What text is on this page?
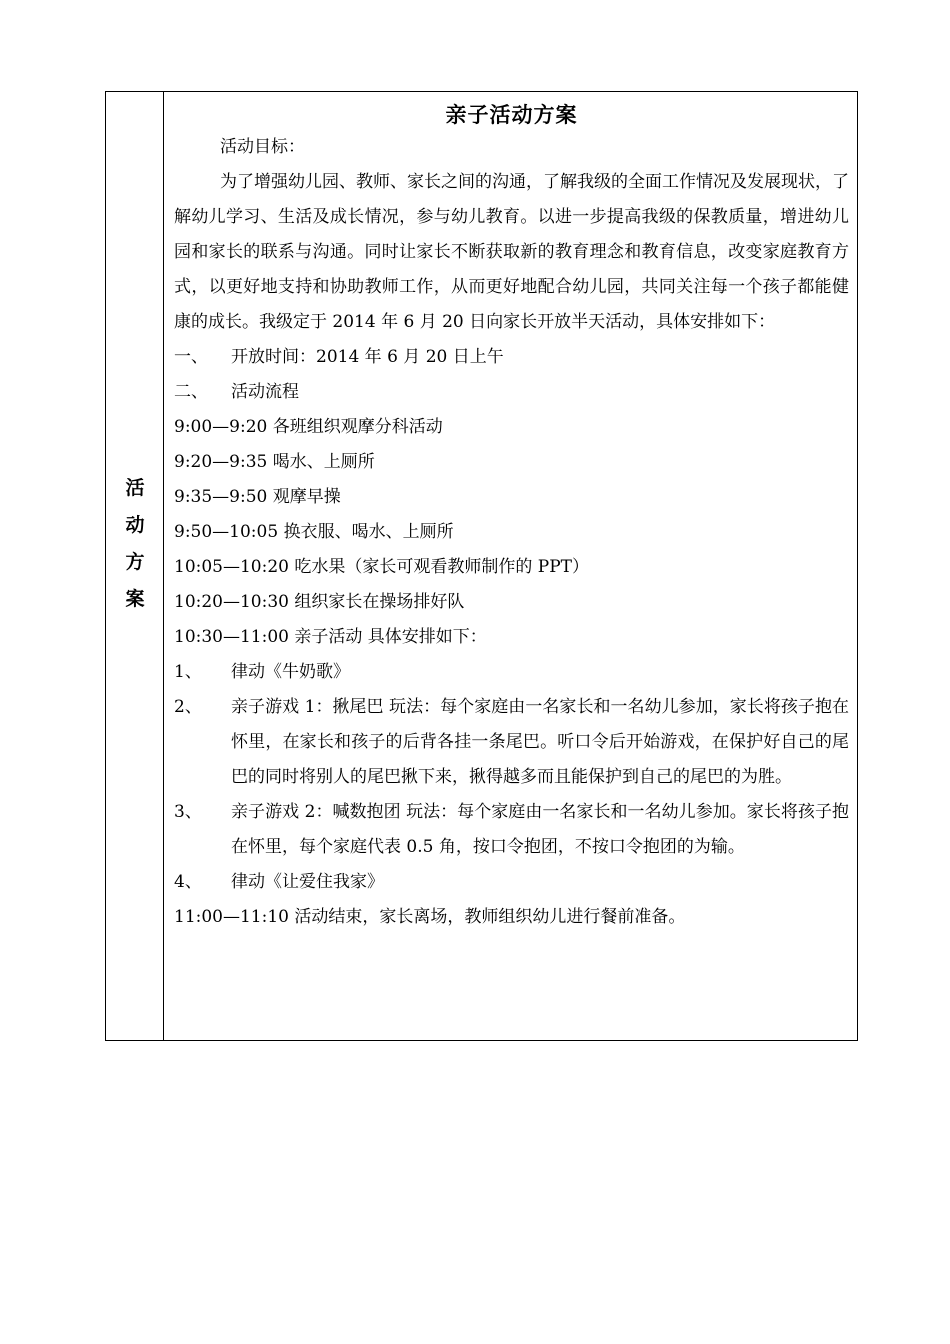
活
动
方
案
亲子活动方案

活动目标：

为了增强幼儿园、教师、家长之间的沟通，了解我级的全面工作情况及发展现状，了解幼儿学习、生活及成长情况，参与幼儿教育。以进一步提高我级的保教质量，增进幼儿园和家长的联系与沟通。同时让家长不断获取新的教育理念和教育信息，改变家庭教育方式，以更好地支持和协助教师工作，从而更好地配合幼儿园，共同关注每一个孩子都能健康的成长。我级定于 2014 年 6 月 20 日向家长开放半天活动，具体安排如下：

一、 开放时间：2014 年 6 月 20 日上午
二、 活动流程

9:00—9:20 各班组织观摩分科活动

9:20—9:35 喝水、上厕所

9:35—9:50 观摩早操

9:50—10:05 换衣服、喝水、上厕所

10:05—10:20 吃水果（家长可观看教师制作的 PPT）

10:20—10:30 组织家长在操场排好队

10:30—11:00 亲子活动 具体安排如下：

1、 律动《牛奶歌》
2、 亲子游戏 1：揪尾巴 玩法：每个家庭由一名家长和一名幼儿参加，家长将孩子抱在怀里，在家长和孩子的后背各挂一条尾巴。听口令后开始游戏，在保护好自己的尾巴的同时将别人的尾巴揪下来，揪得越多而且能保护到自己的尾巴的为胜。
3、 亲子游戏 2：喊数抱团 玩法：每个家庭由一名家长和一名幼儿参加。家长将孩子抱在怀里，每个家庭代表 0.5 角，按口令抱团，不按口令抱团的为输。
4、 律动《让爱住我家》

11:00—11:10 活动结束，家长离场，教师组织幼儿进行餐前准备。
